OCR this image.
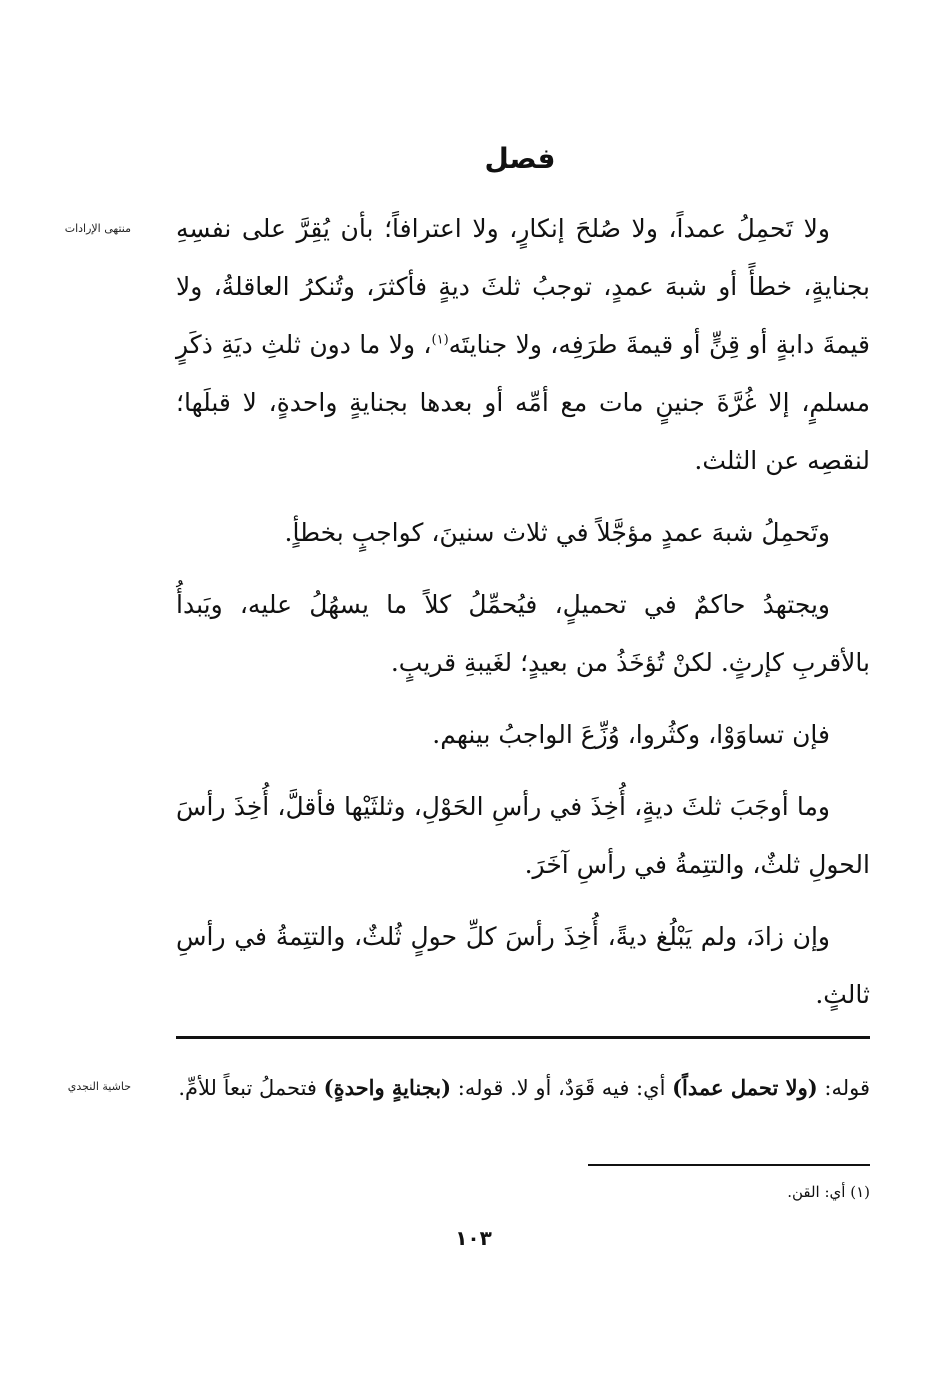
فصل
منتهى الإرادات
حاشية النجدي

ولا تَحمِلُ عمداً، ولا صُلحَ إنكارٍ، ولا اعترافاً؛ بأن يُقِرَّ على نفسِهِ بجنايةٍ، خطأً أو شبهَ عمدٍ، توجبُ ثلثَ ديةٍ فأكثرَ، وتُنكرُ العاقلةُ، ولا قيمةَ دابةٍ أو قِنٍّ أو قيمةَ طرَفِه، ولا جنايتَه$^{(١)}$، ولا ما دون ثلثِ ديَةِ ذكَرٍ مسلمٍ، إلا غُرَّةَ جنينٍ مات مع أمِّه أو بعدها بجنايةٍ واحدةٍ، لا قبلَها؛ لنقصِه عن الثلث.

وتَحمِلُ شبهَ عمدٍ مؤجَّلاً في ثلاث سنينَ، كواجبٍ بخطأٍ.

ويجتهدُ حاكمٌ في تحميلٍ، فيُحمِّلُ كلاً ما يسهُلُ عليه، ويَبدأُ بالأقربِ كإرثٍ. لكنْ تُؤخَذُ من بعيدٍ؛ لغَيبةِ قريبٍ.

فإن تساوَوْا، وكثُروا، وُزِّعَ الواجبُ بينهم.

وما أوجَبَ ثلثَ ديةٍ، أُخِذَ في رأسِ الحَوْلِ، وثلثَيْها فأقلَّ، أُخِذَ رأسَ الحولِ ثلثٌ، والتتِمةُ في رأسِ آخَرَ.

وإن زادَ، ولم يَبْلُغ ديةً، أُخِذَ رأسَ كلِّ حولٍ ثُلثٌ، والتتِمةُ في رأسِ ثالثٍ.

قوله: (ولا تحمل عمداً) أي: فيه قَوَدٌ، أو لا. قوله: (بجنايةٍ واحدةٍ) فتحملُ تبعاً للأمِّ.
(١) أي: القن.
١٠٣
